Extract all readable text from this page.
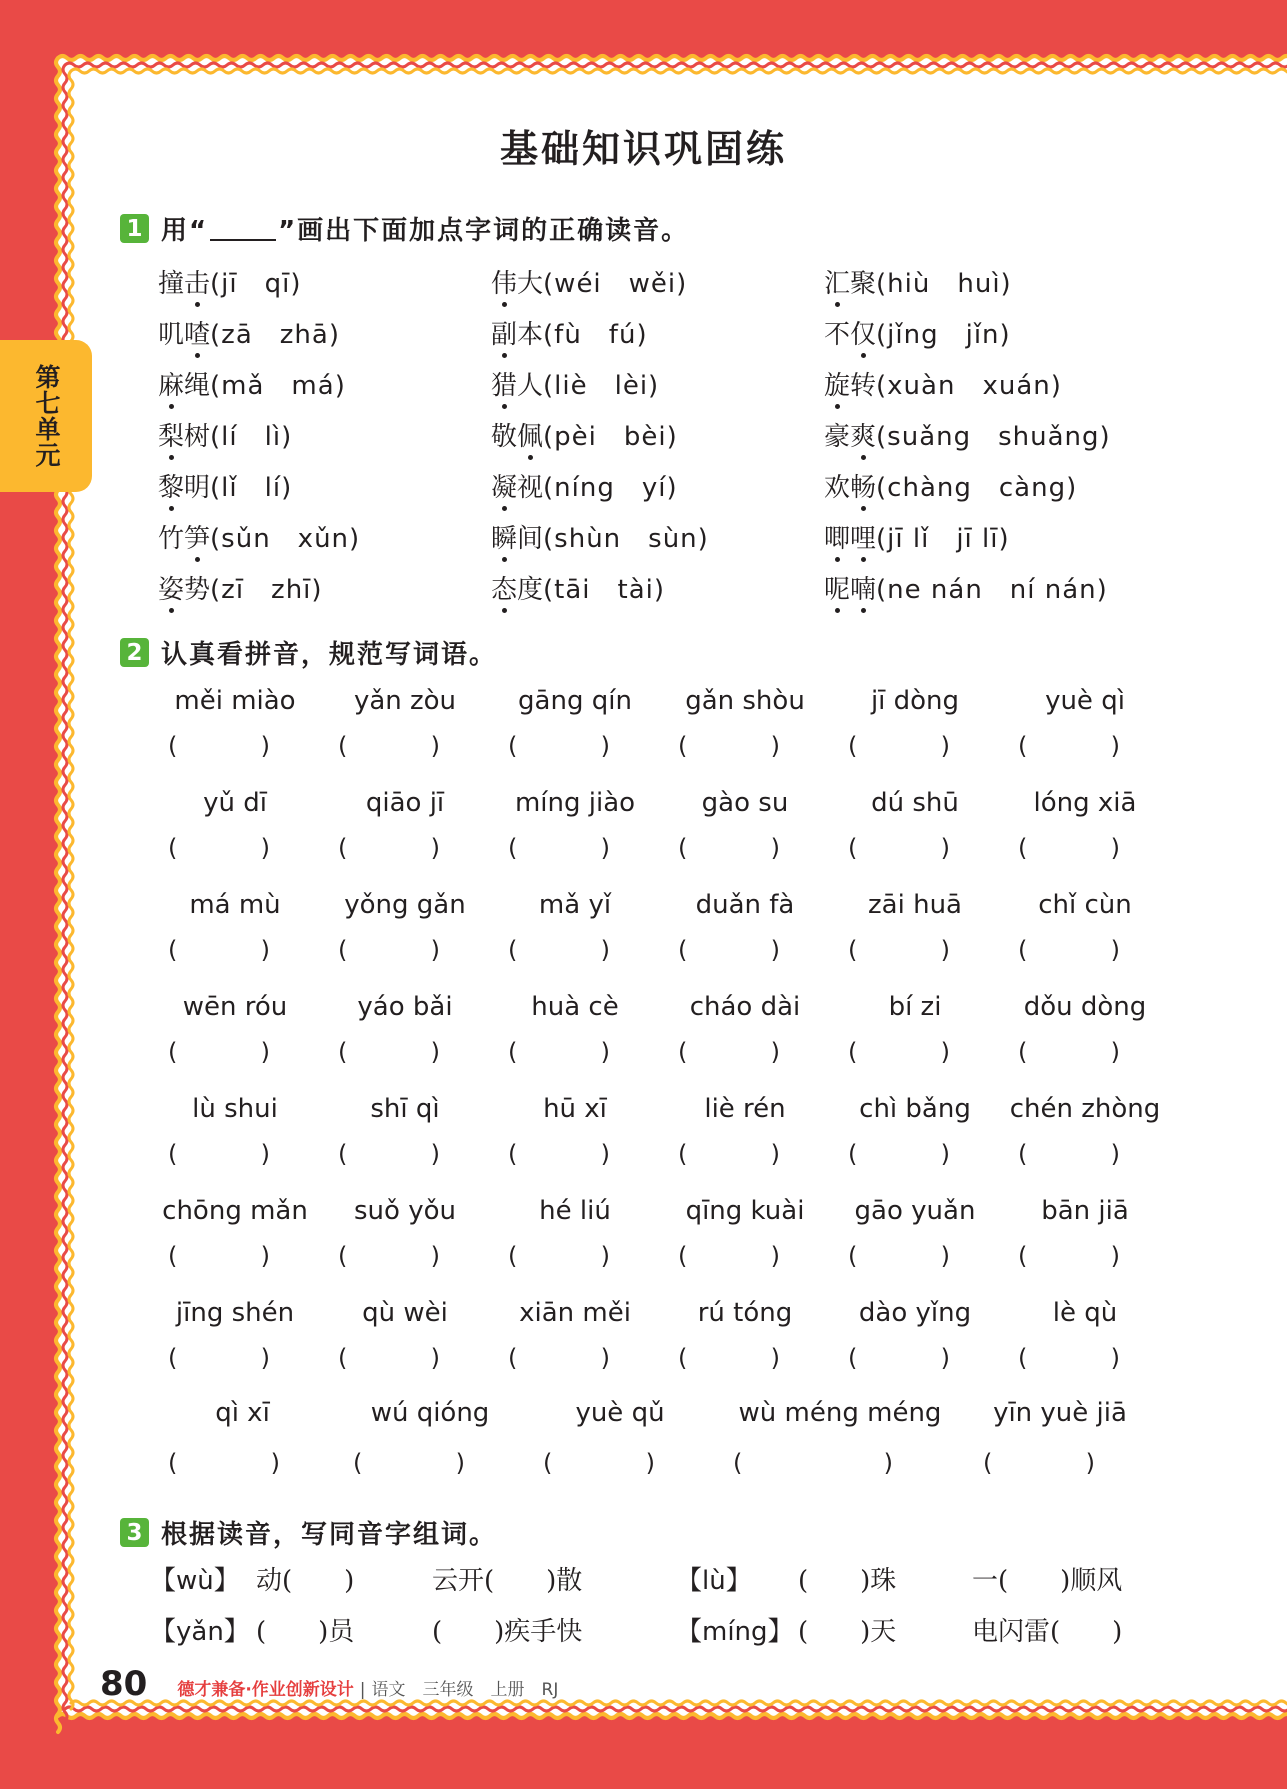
第七单元
基础知识巩固练
1 用“	”画出下面加点字词的正确读音。
撞击(jī　qī)	伟大(wéi　wěi)	汇聚(hiù　huì)
叽喳(zā　zhā)	副本(fù　fú)	不仅(jǐng　jǐn)
麻绳(mǎ　má)	猎人(liè　lèi)	旋转(xuàn　xuán)
梨树(lí　lì)	敬佩(pèi　bèi)	豪爽(suǎng　shuǎng)
黎明(lǐ　lí)	凝视(níng　yí)	欢畅(chàng　càng)
竹笋(sǔn　xǔn)	瞬间(shùn　sùn)	唧哩(jī lǐ　jī lī)
姿势(zī　zhī)	态度(tāi　tài)	呢喃(ne nán　ní nán)
2 认真看拼音，规范写词语。
měi miào	yǎn zòu	gāng qín	gǎn shòu	jī dòng	yuè qì
(	)	(	)	(	)	(	)	(	)	(	)
yǔ dī	qiāo jī	míng jiào	gào su	dú shū	lóng xiā
(	)	(	)	(	)	(	)	(	)	(	)
má mù	yǒng gǎn	mǎ yǐ	duǎn fà	zāi huā	chǐ cùn
(	)	(	)	(	)	(	)	(	)	(	)
wēn róu	yáo bǎi	huà cè	cháo dài	bí zi	dǒu dòng
(	)	(	)	(	)	(	)	(	)	(	)
lù shui	shī qì	hū xī	liè rén	chì bǎng	chén zhòng
(	)	(	)	(	)	(	)	(	)	(	)
chōng mǎn	suǒ yǒu	hé liú	qīng kuài	gāo yuǎn	bān jiā
(	)	(	)	(	)	(	)	(	)	(	)
jīng shén	qù wèi	xiān měi	rú tóng	dào yǐng	lè qù
(	)	(	)	(	)	(	)	(	)	(	)
qì xī	wú qióng	yuè qǔ	wù méng méng	yīn yuè jiā
(	)	(	)	(	)	(	)	(	)
3 根据读音，写同音字组词。
【wù】 动(　　)	云开(　　)散	【lù】 (　　)珠	一(　　)顺风
【yǎn】 (　　)员	(　　)疾手快	【míng】 (　　)天	电闪雷(　　)
80 德才兼备·作业创新设计 | 语文　三年级　上册　RJ
